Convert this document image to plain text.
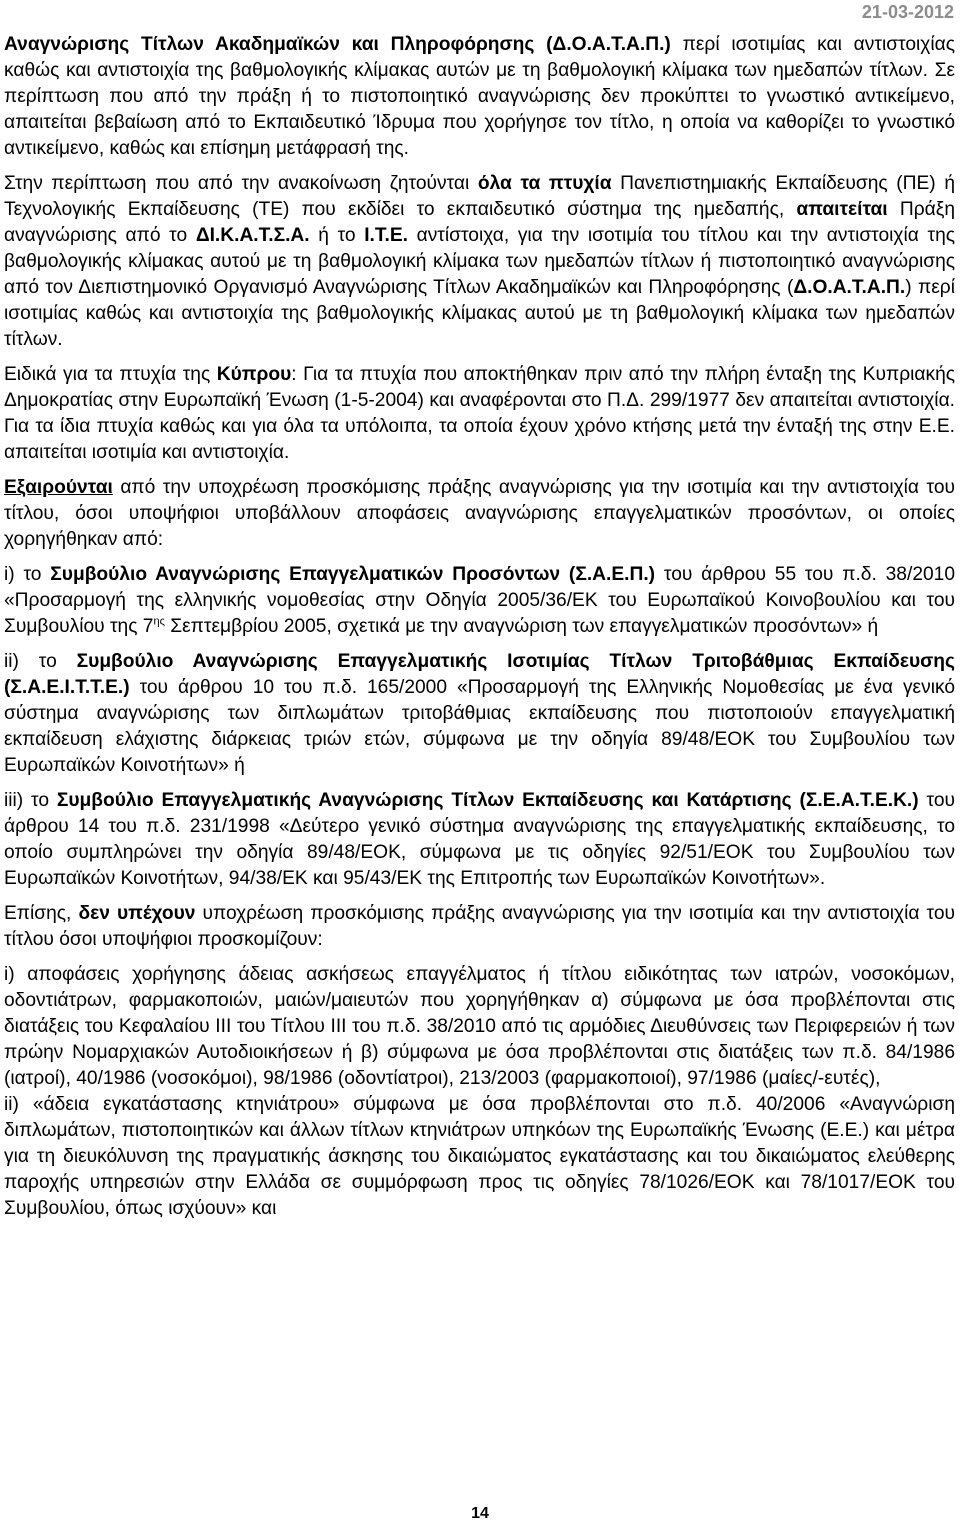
21-03-2012

Αναγνώρισης Τίτλων Ακαδημαϊκών και Πληροφόρησης (Δ.Ο.Α.Τ.Α.Π.) περί ισοτιμίας και αντιστοιχίας καθώς και αντιστοιχία της βαθμολογικής κλίμακας αυτών με τη βαθμολογική κλίμακα των ημεδαπών τίτλων. Σε περίπτωση που από την πράξη ή το πιστοποιητικό αναγνώρισης δεν προκύπτει το γνωστικό αντικείμενο, απαιτείται βεβαίωση από το Εκπαιδευτικό Ίδρυμα που χορήγησε τον τίτλο, η οποία να καθορίζει το γνωστικό αντικείμενο, καθώς και επίσημη μετάφρασή της.

Στην περίπτωση που από την ανακοίνωση ζητούνται όλα τα πτυχία Πανεπιστημιακής Εκπαίδευσης (ΠΕ) ή Τεχνολογικής Εκπαίδευσης (ΤΕ) που εκδίδει το εκπαιδευτικό σύστημα της ημεδαπής, απαιτείται Πράξη αναγνώρισης από το ΔΙ.Κ.Α.Τ.Σ.Α. ή το Ι.Τ.Ε. αντίστοιχα, για την ισοτιμία του τίτλου και την αντιστοιχία της βαθμολογικής κλίμακας αυτού με τη βαθμολογική κλίμακα των ημεδαπών τίτλων ή πιστοποιητικό αναγνώρισης από τον Διεπιστημονικό Οργανισμό Αναγνώρισης Τίτλων Ακαδημαϊκών και Πληροφόρησης (Δ.Ο.Α.Τ.Α.Π.) περί ισοτιμίας καθώς και αντιστοιχία της βαθμολογικής κλίμακας αυτού με τη βαθμολογική κλίμακα των ημεδαπών τίτλων.

Ειδικά για τα πτυχία της Κύπρου: Για τα πτυχία που αποκτήθηκαν πριν από την πλήρη ένταξη της Κυπριακής Δημοκρατίας στην Ευρωπαϊκή Ένωση (1-5-2004) και αναφέρονται στο Π.Δ. 299/1977 δεν απαιτείται αντιστοιχία. Για τα ίδια πτυχία καθώς και για όλα τα υπόλοιπα, τα οποία έχουν χρόνο κτήσης μετά την ένταξή της στην Ε.Ε. απαιτείται ισοτιμία και αντιστοιχία.

Εξαιρούνται από την υποχρέωση προσκόμισης πράξης αναγνώρισης για την ισοτιμία και την αντιστοιχία του τίτλου, όσοι υποψήφιοι υποβάλλουν αποφάσεις αναγνώρισης επαγγελματικών προσόντων, οι οποίες χορηγήθηκαν από:

i) το Συμβούλιο Αναγνώρισης Επαγγελματικών Προσόντων (Σ.Α.Ε.Π.) του άρθρου 55 του π.δ. 38/2010 «Προσαρμογή της ελληνικής νομοθεσίας στην Οδηγία 2005/36/ΕΚ του Ευρωπαϊκού Κοινοβουλίου και του Συμβουλίου της $7^{\eta\varsigma}$ Σεπτεμβρίου 2005, σχετικά με την αναγνώριση των επαγγελματικών προσόντων» ή

ii) το Συμβούλιο Αναγνώρισης Επαγγελματικής Ισοτιμίας Τίτλων Τριτοβάθμιας Εκπαίδευσης (Σ.Α.Ε.Ι.Τ.Τ.Ε.) του άρθρου 10 του π.δ. 165/2000 «Προσαρμογή της Ελληνικής Νομοθεσίας με ένα γενικό σύστημα αναγνώρισης των διπλωμάτων τριτοβάθμιας εκπαίδευσης που πιστοποιούν επαγγελματική εκπαίδευση ελάχιστης διάρκειας τριών ετών, σύμφωνα με την οδηγία 89/48/ΕΟΚ του Συμβουλίου των Ευρωπαϊκών Κοινοτήτων» ή

iii) το Συμβούλιο Επαγγελματικής Αναγνώρισης Τίτλων Εκπαίδευσης και Κατάρτισης (Σ.Ε.Α.Τ.Ε.Κ.) του άρθρου 14 του π.δ. 231/1998 «Δεύτερο γενικό σύστημα αναγνώρισης της επαγγελματικής εκπαίδευσης, το οποίο συμπληρώνει την οδηγία 89/48/ΕΟΚ, σύμφωνα με τις οδηγίες 92/51/ΕΟΚ του Συμβουλίου των Ευρωπαϊκών Κοινοτήτων, 94/38/ΕΚ και 95/43/ΕΚ της Επιτροπής των Ευρωπαϊκών Κοινοτήτων».

Επίσης, δεν υπέχουν υποχρέωση προσκόμισης πράξης αναγνώρισης για την ισοτιμία και την αντιστοιχία του τίτλου όσοι υποψήφιοι προσκομίζουν:

i) αποφάσεις χορήγησης άδειας ασκήσεως επαγγέλματος ή τίτλου ειδικότητας των ιατρών, νοσοκόμων, οδοντιάτρων, φαρμακοποιών, μαιών/μαιευτών που χορηγήθηκαν α) σύμφωνα με όσα προβλέπονται στις διατάξεις του Κεφαλαίου ΙΙΙ του Τίτλου ΙΙΙ του π.δ. 38/2010 από τις αρμόδιες Διευθύνσεις των Περιφερειών ή των πρώην Νομαρχιακών Αυτοδιοικήσεων ή β) σύμφωνα με όσα προβλέπονται στις διατάξεις των π.δ. 84/1986 (ιατροί), 40/1986 (νοσοκόμοι), 98/1986 (οδοντίατροι), 213/2003 (φαρμακοποιοί), 97/1986 (μαίες/-ευτές),

ii) «άδεια εγκατάστασης κτηνιάτρου» σύμφωνα με όσα προβλέπονται στο π.δ. 40/2006 «Αναγνώριση διπλωμάτων, πιστοποιητικών και άλλων τίτλων κτηνιάτρων υπηκόων της Ευρωπαϊκής Ένωσης (Ε.Ε.) και μέτρα για τη διευκόλυνση της πραγματικής άσκησης του δικαιώματος εγκατάστασης και του δικαιώματος ελεύθερης παροχής υπηρεσιών στην Ελλάδα σε συμμόρφωση προς τις οδηγίες 78/1026/ΕΟΚ και 78/1017/ΕΟΚ του Συμβουλίου, όπως ισχύουν» και

14
